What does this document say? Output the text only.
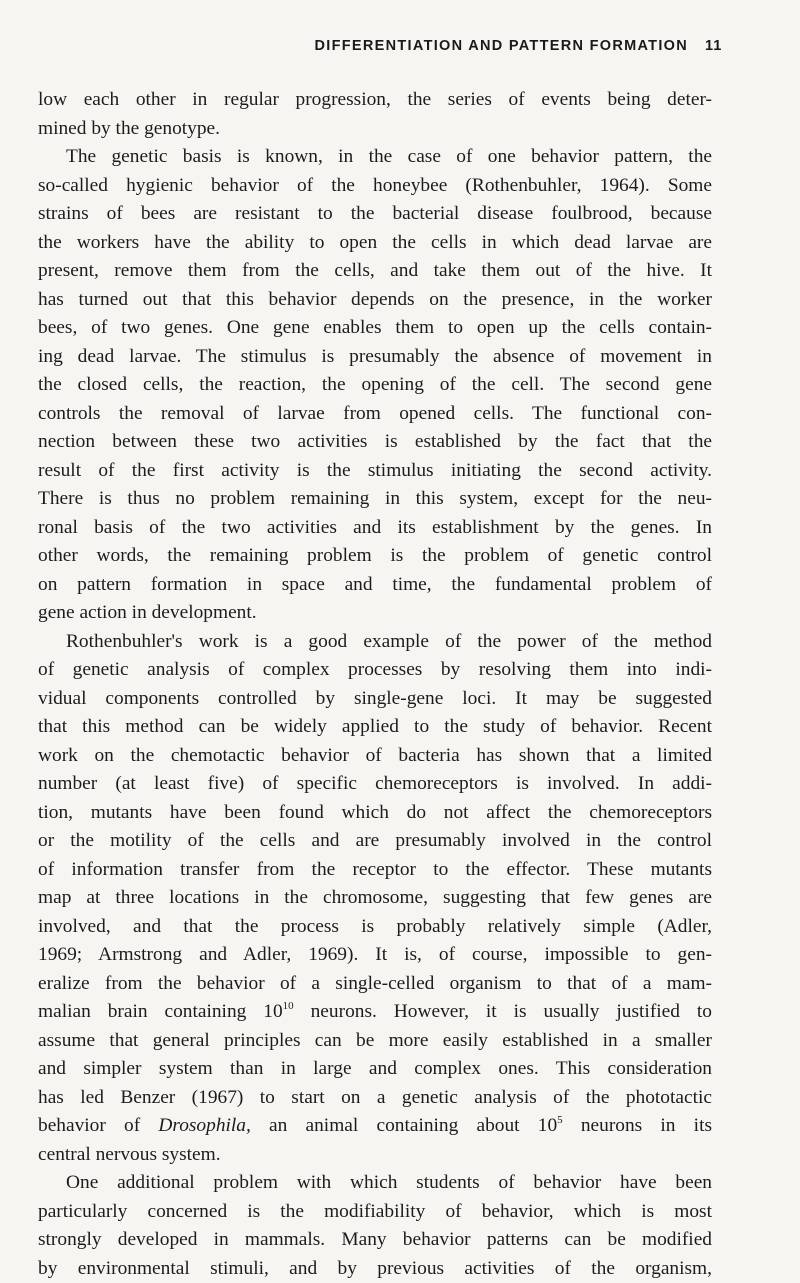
DIFFERENTIATION AND PATTERN FORMATION 11
low each other in regular progression, the series of events being deter-
mined by the genotype.
The genetic basis is known, in the case of one behavior pattern, the
so-called hygienic behavior of the honeybee (Rothenbuhler, 1964). Some
strains of bees are resistant to the bacterial disease foulbrood, because
the workers have the ability to open the cells in which dead larvae are
present, remove them from the cells, and take them out of the hive. It
has turned out that this behavior depends on the presence, in the worker
bees, of two genes. One gene enables them to open up the cells contain-
ing dead larvae. The stimulus is presumably the absence of movement in
the closed cells, the reaction, the opening of the cell. The second gene
controls the removal of larvae from opened cells. The functional con-
nection between these two activities is established by the fact that the
result of the first activity is the stimulus initiating the second activity.
There is thus no problem remaining in this system, except for the neu-
ronal basis of the two activities and its establishment by the genes. In
other words, the remaining problem is the problem of genetic control
on pattern formation in space and time, the fundamental problem of
gene action in development.
Rothenbuhler's work is a good example of the power of the method
of genetic analysis of complex processes by resolving them into indi-
vidual components controlled by single-gene loci. It may be suggested
that this method can be widely applied to the study of behavior. Recent
work on the chemotactic behavior of bacteria has shown that a limited
number (at least five) of specific chemoreceptors is involved. In addi-
tion, mutants have been found which do not affect the chemoreceptors
or the motility of the cells and are presumably involved in the control
of information transfer from the receptor to the effector. These mutants
map at three locations in the chromosome, suggesting that few genes are
involved, and that the process is probably relatively simple (Adler,
1969; Armstrong and Adler, 1969). It is, of course, impossible to gen-
eralize from the behavior of a single-celled organism to that of a mam-
malian brain containing $10^{10}$ neurons. However, it is usually justified to
assume that general principles can be more easily established in a smaller
and simpler system than in large and complex ones. This consideration
has led Benzer (1967) to start on a genetic analysis of the phototactic
behavior of Drosophila, an animal containing about $10^5$ neurons in its
central nervous system.
One additional problem with which students of behavior have been
particularly concerned is the modifiability of behavior, which is most
strongly developed in mammals. Many behavior patterns can be modified
by environmental stimuli, and by previous activities of the organism,
